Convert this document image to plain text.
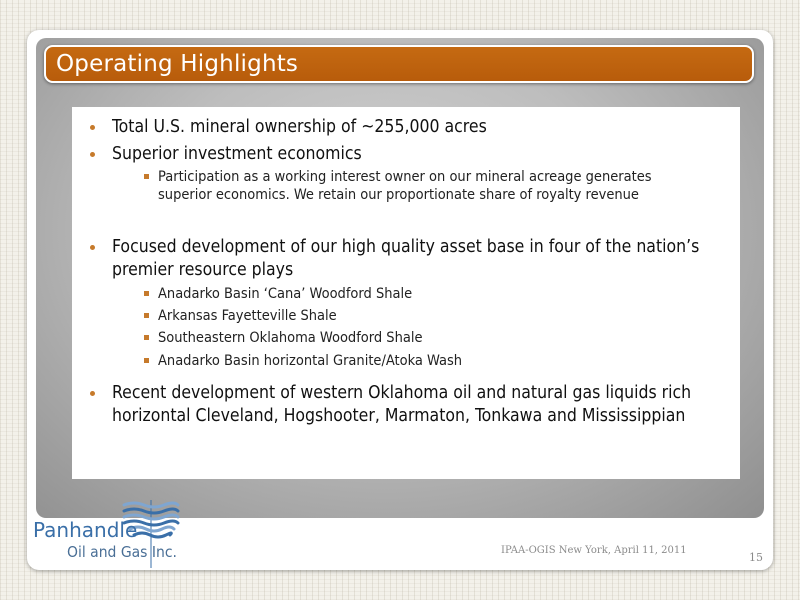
Operating Highlights
Total U.S. mineral ownership of ~255,000 acres
Superior investment economics
Participation as a working interest owner on our mineral acreage generates superior economics. We retain our proportionate share of royalty revenue
Focused development of our high quality asset base in four of the nation’s premier resource plays
Anadarko Basin ‘Cana’ Woodford Shale
Arkansas Fayetteville Shale
Southeastern Oklahoma Woodford Shale
Anadarko Basin horizontal Granite/Atoka Wash
Recent development of western Oklahoma oil and natural gas liquids rich horizontal Cleveland, Hogshooter, Marmaton, Tonkawa and Mississippian
Panhandle
Oil and Gas Inc.	IPAA-OGIS New York, April 11, 2011
15
